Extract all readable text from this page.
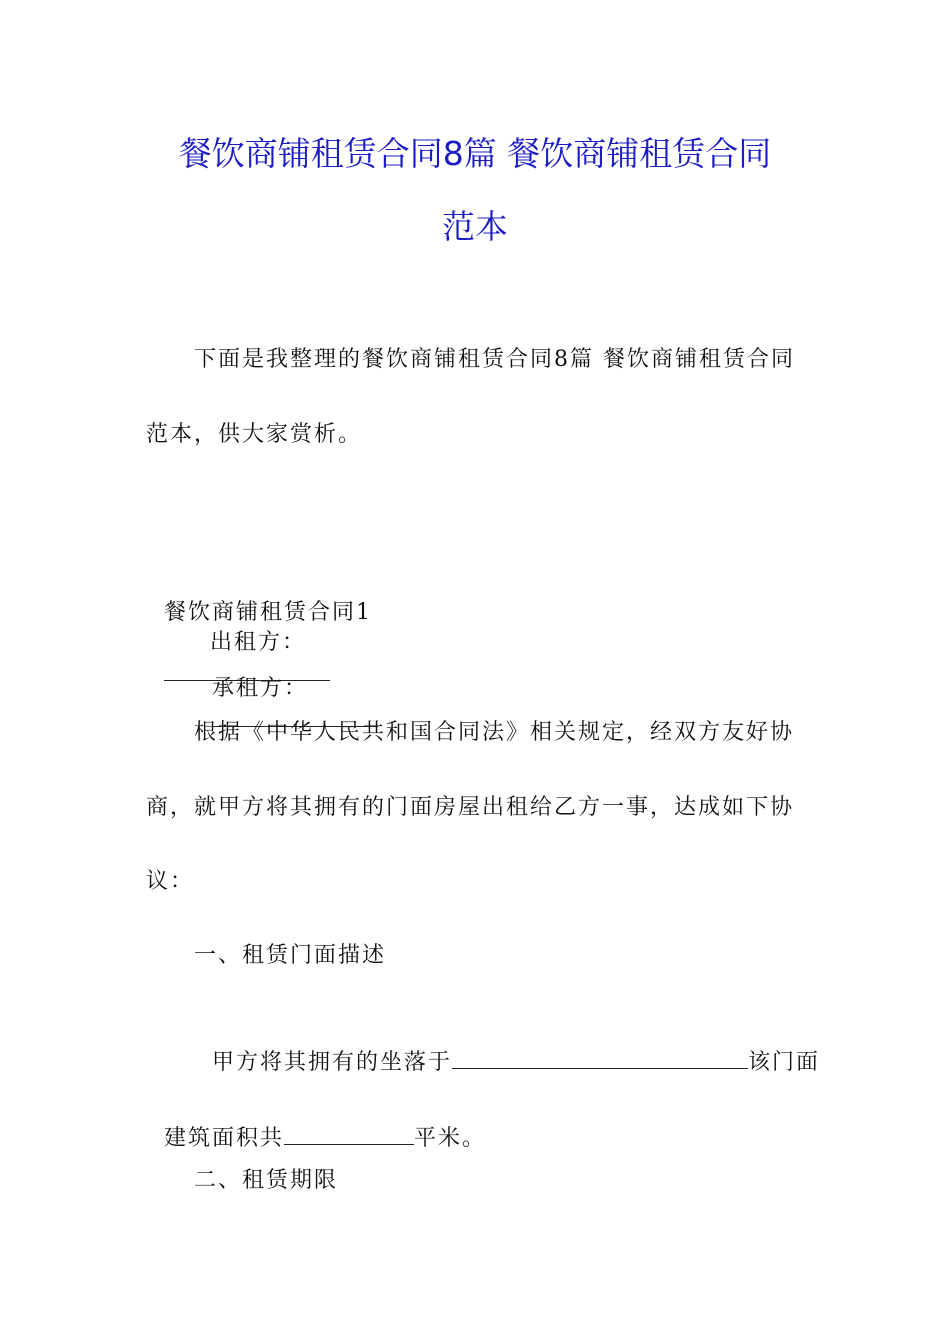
餐饮商铺租赁合同8篇 餐饮商铺租赁合同
范本

下面是我整理的餐饮商铺租赁合同8篇 餐饮商铺租赁合同

范本，供大家赏析。

餐饮商铺租赁合同1
出租方：

承租方：

根据《中华人民共和国合同法》相关规定，经双方友好协

商，就甲方将其拥有的门面房屋出租给乙方一事，达成如下协

议：

一、租赁门面描述

甲方将其拥有的坐落于	该门面

建筑面积共	平米。

二、租赁期限
